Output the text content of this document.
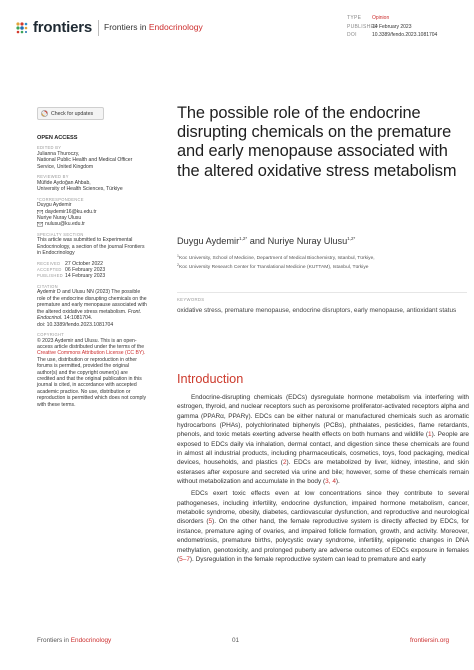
frontiers Frontiers in Endocrinology
TYPE Opinion
PUBLISHED14 February 2023
DOI	10.3389/fendo.2023.1081704
Check for updates
OPEN ACCESS
EDITED BY
Julianna Thuroczy,
National Public Health and Medical Officer
Service, United Kingdom
REVIEWED BY
Müfide Aydoğan Ahbab,
University of Health Sciences, Türkiye
*CORRESPONDENCE
Duygu Aydemir
daydemir16@ku.edu.tr
Nuriye Nuray Ulusu
nulusu@ku.edu.tr
SPECIALTY SECTION
This article was submitted to Experimental Endocrinology, a section of the journal Frontiers in Endocrinology
RECEIVED 27 October 2022
ACCEPTED 06 February 2023
PUBLISHED 14 February 2023
CITATION
Aydemir D and Ulusu NN (2023) The possible role of the endocrine disrupting chemicals on the premature and early menopause associated with the altered oxidative stress metabolism. Front. Endocrinol. 14:1081704.
doi: 10.3389/fendo.2023.1081704
COPYRIGHT
© 2023 Aydemir and Ulusu. This is an open-access article distributed under the terms of the Creative Commons Attribution License (CC BY). The use, distribution or reproduction in other forums is permitted, provided the original author(s) and the copyright owner(s) are credited and that the original publication in this journal is cited, in accordance with accepted academic practice. No use, distribution or reproduction is permitted which does not comply with these terms.
The possible role of the endocrine disrupting chemicals on the premature and early menopause associated with the altered oxidative stress metabolism
Duygu Aydemir$^{1,2*}$ and Nuriye Nuray Ulusu$^{1,2*}$
$^1$Koc University, School of Medicine, Department of Medical Biochemistry, Istanbul, Türkiye,
$^2$Koc University Research Center for Translational Medicine (KUTTAM), Istanbul, Türkiye
KEYWORDS
oxidative stress, premature menopause, endocrine disruptors, early menopause, antioxidant status
Introduction

Endocrine-disrupting chemicals (EDCs) dysregulate hormone metabolism via interfering with estrogen, thyroid, and nuclear receptors such as peroxisome proliferator-activated receptors alpha and gamma (PPARα, PPARγ). EDCs can be either natural or manufactured chemicals such as aromatic hydrocarbons (PHAs), polychlorinated biphenyls (PCBs), phthalates, pesticides, flame retardants, phenols, and toxic metals exerting adverse health effects on both humans and wildlife (1). People are exposed to EDCs daily via inhalation, dermal contact, and digestion since these chemicals are found in almost all industrial products, including pharmaceuticals, cosmetics, toys, food packaging, medical devices, households, and plastics (2). EDCs are metabolized by liver, kidney, intestine, and skin esterases after exposure and secreted via urine and bile; however, some of these chemicals remain without metabolization and accumulate in the body (3, 4).

EDCs exert toxic effects even at low concentrations since they contribute to several pathogeneses, including infertility, endocrine dysfunction, impaired hormone metabolism, cancer, metabolic syndrome, obesity, diabetes, cardiovascular dysfunction, and reproductive and neurological disorders (5). On the other hand, the female reproductive system is directly affected by EDCs, for instance, premature aging of ovaries, and impaired follicle formation, growth, and activity. Moreover, endometriosis, premature births, polycystic ovary syndrome, infertility, epigenetic changes in DNA methylation, genotoxicity, and prolonged puberty are adverse outcomes of EDCs exposure in females (5–7). Dysregulation in the female reproductive system can lead to premature and early

Frontiers in Endocrinology	01	frontiersin.org
